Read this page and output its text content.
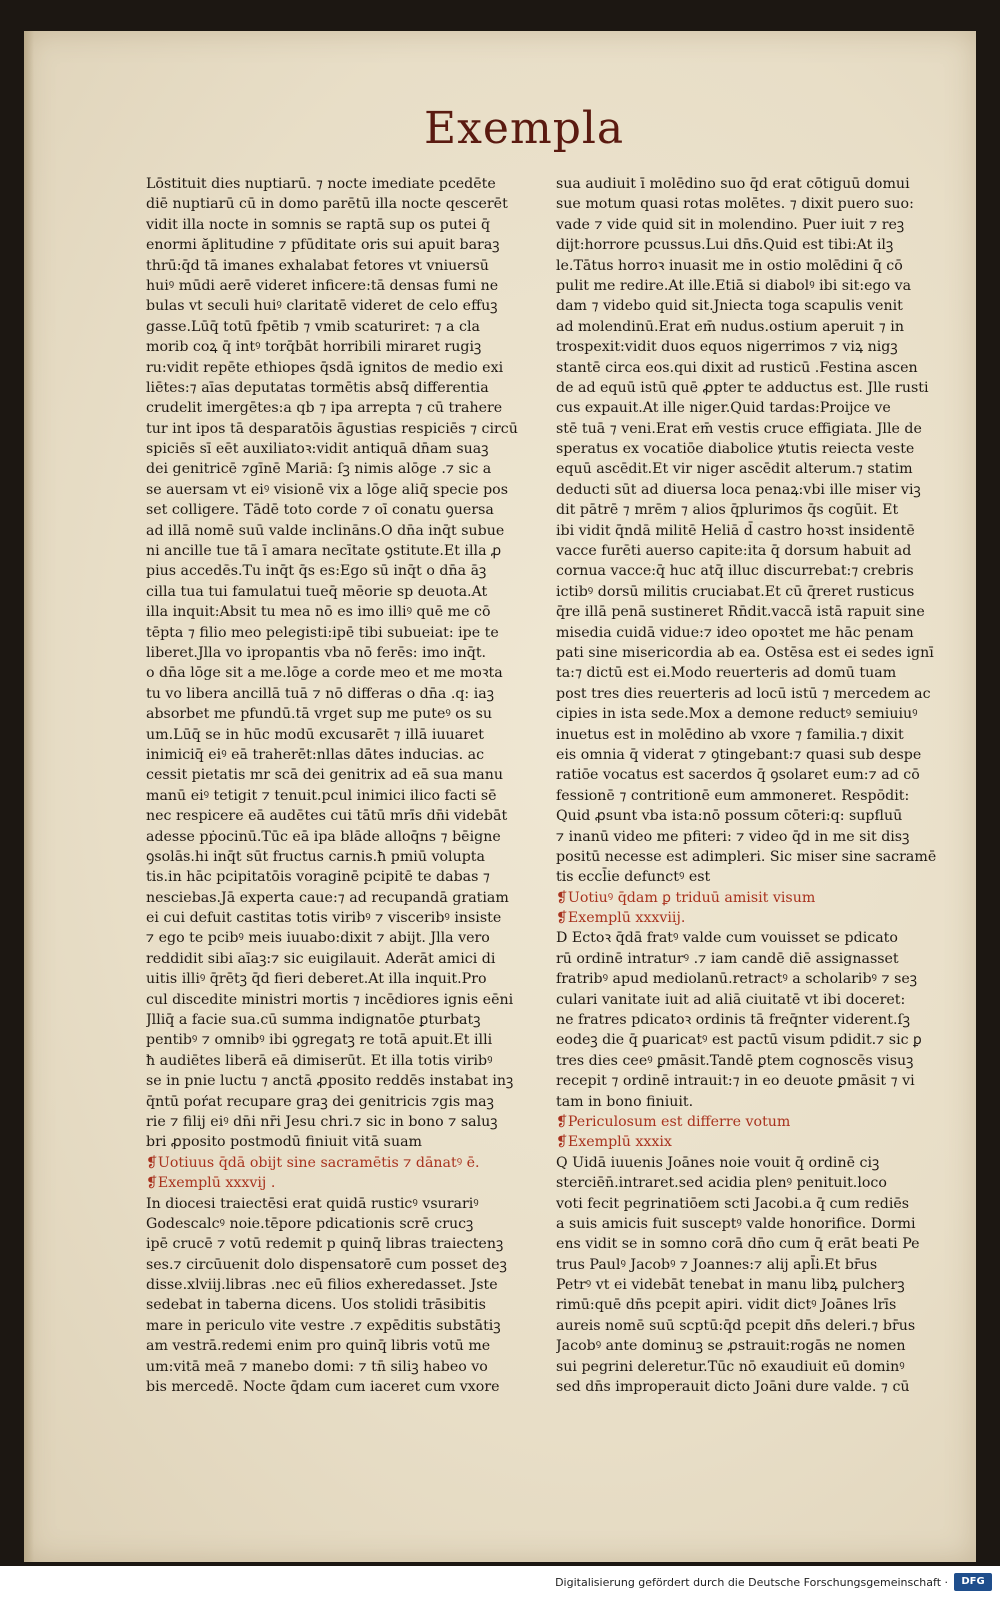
Exempla
Lōstituit dies nuptiarū. ⁊ nocte imediate pcedēte
diē nuptiarū cū in domo parētū illa nocte qescerēt
vidit illa nocte in somnis se raptā sup os putei q̄
enormi ăplitudine ⁊ pfūditate oris sui apuit baraꝫ
thrū:q̄d tā imanes exhalabat fetores vt vniuersū
huiꝰ mūdi aerē videret inficere:tā densas fumi ne
bulas vt seculi huiꝰ claritatē videret de celo effuꝫ
gasse.Lūq̄ totū fpētib ⁊ vmib scaturiret: ⁊ a cla
morib coꝝ q̄ intꝰ torq̄bāt horribili miraret rugiꝫ
ru:vidit repēte ethiopes q̄sdā ignitos de medio exi
liētes:⁊ aīas deputatas tormētis absq̄ differentia
crudelit imergētes:a qb ⁊ ipa arrepta ⁊ cū trahere
tur int ipos tā desparatōis āgustias respiciēs ⁊ circū
spiciēs sī eēt auxiliatoꝛ:vidit antiquā dn̄am suaꝫ
dei genitricē ⁊gīnē Mariā: ſꝫ nimis alōge .⁊ sic a
se auersam vt eiꝰ visionē vix a lōge aliq̄ specie pos
set colligere. Tādē toto corde ⁊ oī conatu ꝯuersa
ad illā nomē suū valde inclināns.O dn̄a inq̄t subue
ni ancille tue tā ī amara necītate ꝯstitute.Et illa ꝓ
pius accedēs.Tu inq̄t q̄s es:Ego sū inq̄t o dn̄a āꝫ
cilla tua tui famulatui tueq̄ mēorie sp deuota.At
illa inquit:Absit tu mea nō es imo illiꝰ quē me cō
tēpta ⁊ filio meo pelegisti:ipē tibi subueiat: ipe te
liberet.Jlla vo ipropantis vba nō ferēs: imo inq̄t.
o dn̄a lōge sit a me.lōge a corde meo et me moꝛta
tu vo libera ancillā tuā ⁊ nō differas o dn̄a .q: iaꝫ
absorbet me pfundū.tā vrget sup me puteꝰ os su
um.Lūq̄ se in hūc modū excusarēt ⁊ illā iuuaret
inimiciq̄ eiꝰ eā traherēt:nllas dātes inducias. ac
cessit pietatis mr scā dei genitrix ad eā sua manu
manū eiꝰ tetigit ⁊ tenuit.pcul inimici ilico facti sē
nec respicere eā audētes cui tātū mrīs dn̄i videbāt
adesse pṗocinū.Tūc eā ipa blāde alloq̄ns ⁊ bēigne
ꝯsolās.hi inq̄t sūt fructus carnis.ħ pmiū volupta
tis.in hāc pcipitatōis voraginē pcipitē te dabas ⁊
nesciebas.Jā experta caue:⁊ ad recupandā gratiam
ei cui defuit castitas totis viribꝰ ⁊ visceribꝰ insiste
⁊ ego te pcibꝰ meis iuuabo:dixit ⁊ abijt. Jlla vero
reddidit sibi aīaꝫ:⁊ sic euigilauit. Aderāt amici di
uitis illiꝰ q̄rētꝫ q̄d fieri deberet.At illa inquit.Pro
cul discedite ministri mortis ⁊ incēdiores ignis eēni
Jlliq̄ a facie sua.cū summa indignatōe ꝑturbatꝫ
pentibꝰ ⁊ omnibꝰ ibi ꝯgregatꝫ re totā apuit.Et illi
ħ audiētes liberā eā dimiserūt. Et illa totis viribꝰ
se in pnie luctu ⁊ anctā ꝓposito reddēs instabat inꝫ
q̄ntū poŕat recupare graꝫ dei genitricis ⁊gis maꝫ
rie ⁊ filij eiꝰ dn̄i nr̄i Jesu chri.⁊ sic in bono ⁊ saluꝫ
bri ꝓposito postmodū finiuit vitā suam
❡Uotiuus q̄dā obijt sine sacramētis ⁊ dānatꝰ ē.
❡Exemplū xxxvij .
In diocesi traiectēsi erat quidā rusticꝰ vsurariꝰ
Godescalcꝰ noie.tēpore pdicationis scrē crucꝫ
ipē crucē ⁊ votū redemit p quinq̄ libras traiectenꝫ
ses.⁊ circūuenit dolo dispensatorē cum posset deꝫ
disse.xlviij.libras .nec eū filios exheredasset. Jste
sedebat in taberna dicens. Uos stolidi trāsibitis
mare in periculo vite vestre .⁊ expēditis substātiꝫ
am vestrā.redemi enim pro quinq̄ libris votū me
um:vitā meā ⁊ manebo domi: ⁊ tn̄ siliꝫ habeo vo
bis mercedē. Nocte q̄dam cum iaceret cum vxore
sua audiuit ī molēdino suo q̄d erat cōtiguū domui
sue motum quasi rotas molētes. ⁊ dixit puero suo:
vade ⁊ vide quid sit in molendino. Puer iuit ⁊ reꝫ
dijt:horrore pcussus.Lui dn̄s.Quid est tibi:At ilꝫ
le.Tātus horroꝛ inuasit me in ostio molēdini q̄ cō
pulit me redire.At ille.Etiā si diabolꝰ ibi sit:ego va
dam ⁊ videbo quid sit.Jniecta toga scapulis venit
ad molendinū.Erat em̄ nudus.ostium aperuit ⁊ in
trospexit:vidit duos equos nigerrimos ⁊ viꝝ nigꝫ
stantē circa eos.qui dixit ad rusticū .Festina ascen
de ad equū istū quē ꝓpter te adductus est. Jlle rusti
cus expauit.At ille niger.Quid tardas:Proijce ve
stē tuā ⁊ veni.Erat em̄ vestis cruce effigiata. Jlle de
speratus ex vocatiōe diabolice ꝟtutis reiecta veste
equū ascēdit.Et vir niger ascēdit alterum.⁊ statim
deducti sūt ad diuersa loca penaꝝ:vbi ille miser viꝫ
dit pātrē ⁊ mrēm ⁊ alios q̄plurimos q̄s cogūit. Et
ibi vidit q̄ndā militē Heliā d̄ castro hoꝛst insidentē
vacce furēti auerso capite:ita q̄ dorsum habuit ad
cornua vacce:q̄ huc atq̄ illuc discurrebat:⁊ crebris
ictibꝰ dorsū militis cruciabat.Et cū q̄reret rusticus
q̄re illā penā sustineret Rn̄dit.vaccā istā rapuit sine
misedia cuidā vidue:⁊ ideo opoꝛtet me hāc penam
pati sine misericordia ab ea. Ostēsa est ei sedes ignī
ta:⁊ dictū est ei.Modo reuerteris ad domū tuam
post tres dies reuerteris ad locū istū ⁊ mercedem ac
cipies in ista sede.Mox a demone reductꝰ semiuiuꝰ
inuetus est in molēdino ab vxore ⁊ familia.⁊ dixit
eis omnia q̄ viderat ⁊ ꝯtingebant:⁊ quasi sub despe
ratiōe vocatus est sacerdos q̄ ꝯsolaret eum:⁊ ad cō
fessionē ⁊ contritionē eum ammoneret. Respōdit:
Quid ꝓsunt vba ista:nō possum cōteri:q: supfluū
⁊ inanū video me pfiteri: ⁊ video q̄d in me sit disꝫ
positū necesse est adimpleri. Sic miser sine sacramē
tis eccl̄ie defunctꝰ est
❡Uotiuꝰ q̄dam ꝑ triduū amisit visum
❡Exemplū xxxviij.
D Ectoꝛ q̄dā fratꝰ valde cum vouisset se pdicato
rū ordinē intraturꝰ .⁊ iam candē diē assignasset
fratribꝰ apud mediolanū.retractꝰ a scholaribꝰ ⁊ seꝫ
culari vanitate iuit ad aliā ciuitatē vt ibi doceret:
ne fratres pdicatoꝛ ordinis tā freq̄nter viderent.ſꝫ
eodeꝫ die q̄ ꝑuaricatꝰ est pactū visum pdidit.⁊ sic ꝑ
tres dies ceeꝰ ꝑmāsit.Tandē ꝑtem cognoscēs visuꝫ
recepit ⁊ ordinē intrauit:⁊ in eo deuote ꝑmāsit ⁊ vi
tam in bono finiuit.
❡Periculosum est differre votum
❡Exemplū xxxix
Q Uidā iuuenis Joānes noie vouit q̄ ordinē ciꝫ
sterciēn̄.intraret.sed acidia plenꝰ penituit.loco
voti fecit pegrinatiōem scti Jacobi.a q̄ cum rediēs
a suis amicis fuit susceptꝰ valde honorifice. Dormi
ens vidit se in somno corā dn̄o cum q̄ erāt beati Pe
trus Paulꝰ Jacobꝰ ⁊ Joannes:⁊ alij apl̄i.Et br̄us
Petrꝰ vt ei videbāt tenebat in manu libꝝ pulcherꝫ
rimū:quē dn̄s pcepit apiri. vidit dictꝰ Joānes lrīs
aureis nomē suū scptū:q̄d pcepit dn̄s deleri.⁊ br̄us
Jacobꝰ ante dominuꝫ se ꝓstrauit:rogās ne nomen
sui pegrini deleretur.Tūc nō exaudiuit eū dominꝰ
sed dn̄s improperauit dicto Joāni dure valde. ⁊ cū
Digitalisierung gefördert durch die Deutsche Forschungsgemeinschaft ·	DFG
